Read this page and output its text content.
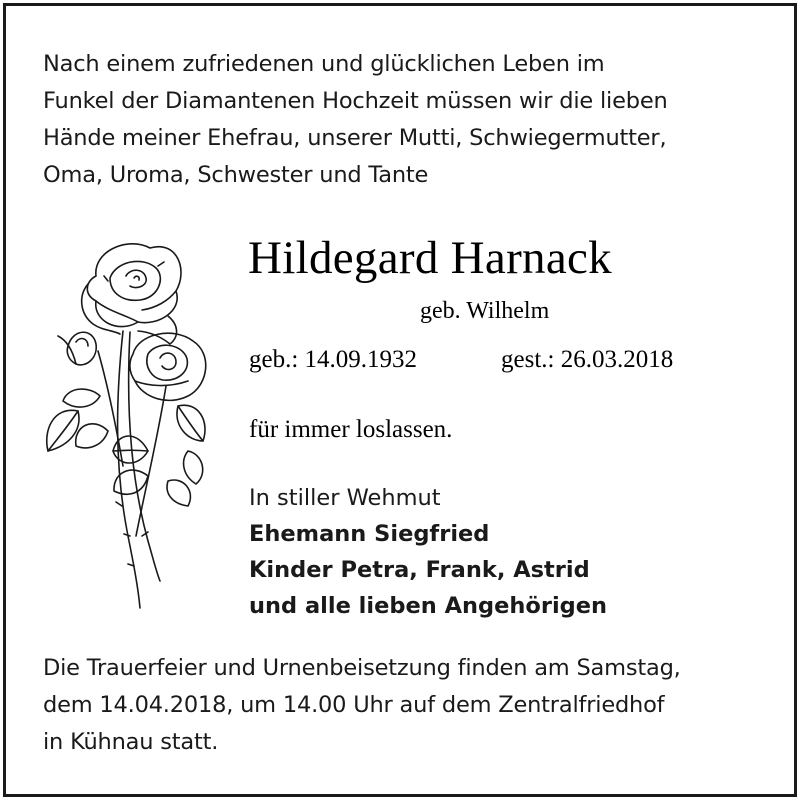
Nach einem zufriedenen und glücklichen Leben im
Funkel der Diamantenen Hochzeit müssen wir die lieben
Hände meiner Ehefrau, unserer Mutti, Schwiegermutter,
Oma, Uroma, Schwester und Tante
Hildegard Harnack
geb. Wilhelm
geb.: 14.09.1932	gest.: 26.03.2018
für immer loslassen.
In stiller Wehmut
Ehemann Siegfried
Kinder Petra, Frank, Astrid
und alle lieben Angehörigen
Die Trauerfeier und Urnenbeisetzung finden am Samstag,
dem 14.04.2018, um 14.00 Uhr auf dem Zentralfriedhof
in Kühnau statt.
